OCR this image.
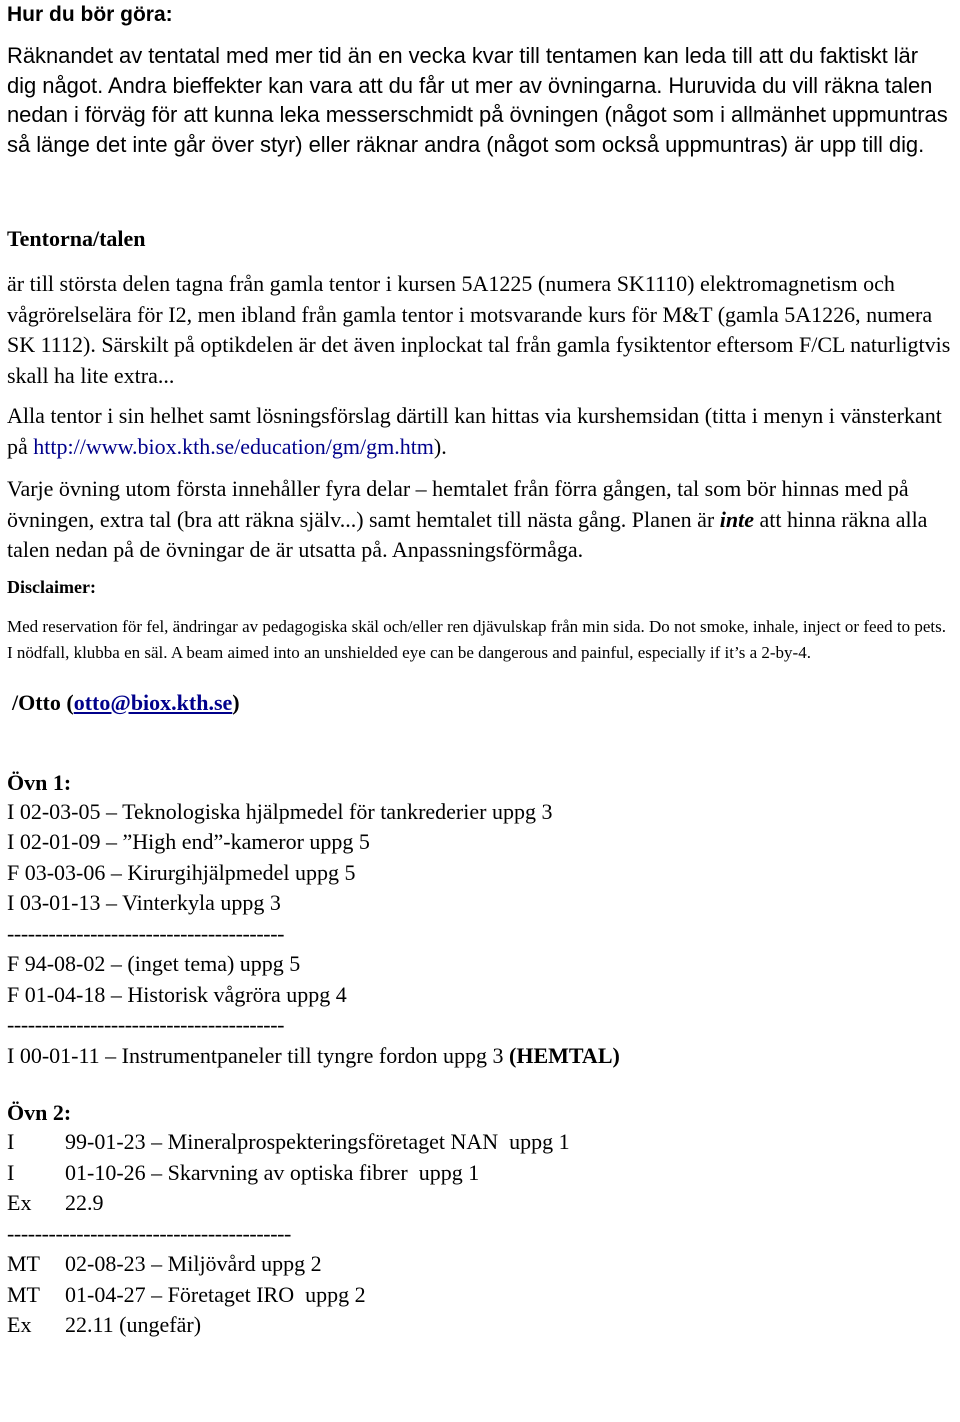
Hur du bör göra:

Räknandet av tentatal med mer tid än en vecka kvar till tentamen kan leda till att du faktiskt lär dig något. Andra bieffekter kan vara att du får ut mer av övningarna. Huruvida du vill räkna talen nedan i förväg för att kunna leka messerschmidt på övningen (något som i allmänhet uppmuntras så länge det inte går över styr) eller räknar andra (något som också uppmuntras) är upp till dig.

Tentorna/talen

är till största delen tagna från gamla tentor i kursen 5A1225 (numera SK1110) elektromagnetism och vågrörelselära för I2, men ibland från gamla tentor i motsvarande kurs för M&T (gamla 5A1226, numera SK 1112). Särskilt på optikdelen är det även inplockat tal från gamla fysiktentor eftersom F/CL naturligtvis skall ha lite extra...

Alla tentor i sin helhet samt lösningsförslag därtill kan hittas via kurshemsidan (titta i menyn i vänsterkant på http://www.biox.kth.se/education/gm/gm.htm).

Varje övning utom första innehåller fyra delar – hemtalet från förra gången, tal som bör hinnas med på övningen, extra tal (bra att räkna själv...) samt hemtalet till nästa gång. Planen är inte att hinna räkna alla talen nedan på de övningar de är utsatta på. Anpassningsförmåga.

Disclaimer:

Med reservation för fel, ändringar av pedagogiska skäl och/eller ren djävulskap från min sida. Do not smoke, inhale, inject or feed to pets. I nödfall, klubba en säl. A beam aimed into an unshielded eye can be dangerous and painful, especially if it’s a 2-by-4.

/Otto (otto@biox.kth.se)

Övn 1:

I 02-03-05 – Teknologiska hjälpmedel för tankrederier uppg 3

I 02-01-09 – ”High end”-kameror uppg 5

F 03-03-06 – Kirurgihjälpmedel uppg 5

I 03-01-13 – Vinterkyla uppg 3

----------------------------------------

F 94-08-02 – (inget tema) uppg 5

F 01-04-18 – Historisk vågröra uppg 4

----------------------------------------

I 00-01-11 – Instrumentpaneler till tyngre fordon uppg 3 (HEMTAL)

Övn 2:

I 99-01-23 – Mineralprospekteringsföretaget NAN  uppg 1

I 01-10-26 – Skarvning av optiska fibrer  uppg 1

Ex 22.9

-----------------------------------------

MT 02-08-23 – Miljövård uppg 2

MT 01-04-27 – Företaget IRO  uppg 2

Ex 22.11 (ungefär)
